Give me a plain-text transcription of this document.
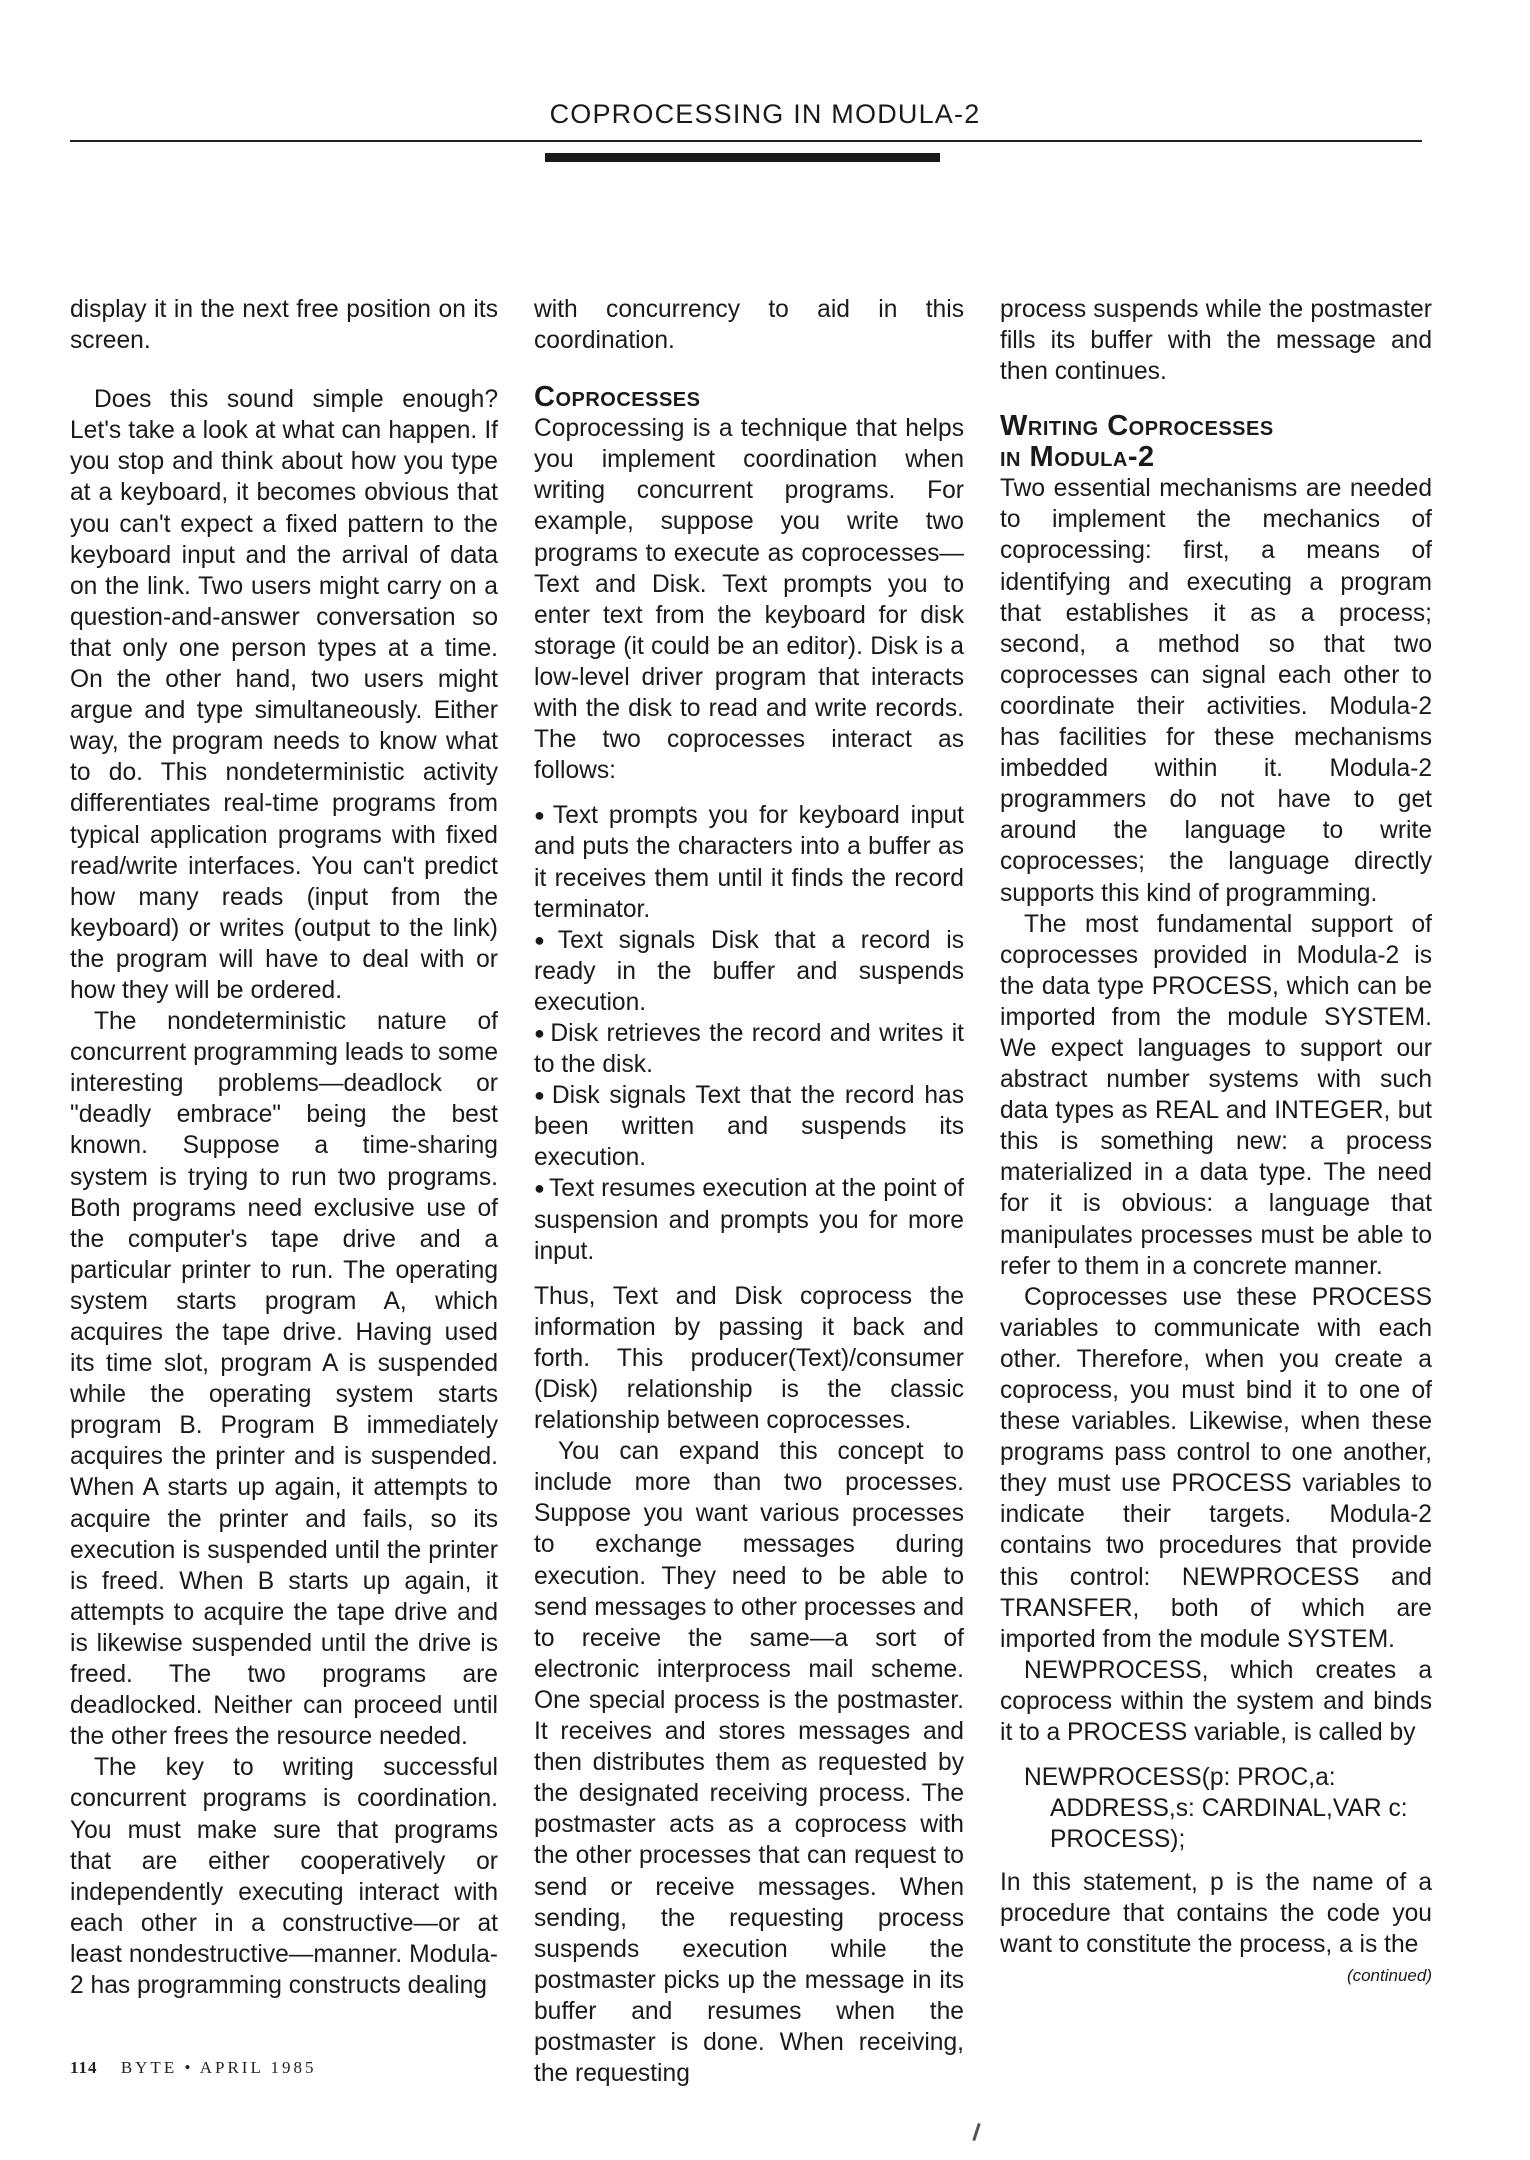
COPROCESSING IN MODULA-2

display it in the next free position on its screen.

Does this sound simple enough? Let's take a look at what can happen. If you stop and think about how you type at a keyboard, it becomes obvious that you can't expect a fixed pattern to the keyboard input and the arrival of data on the link. Two users might carry on a question-and-answer conversation so that only one person types at a time. On the other hand, two users might argue and type simultaneously. Either way, the program needs to know what to do. This nondeterministic activity differentiates real-time programs from typical application programs with fixed read/write interfaces. You can't predict how many reads (input from the keyboard) or writes (output to the link) the program will have to deal with or how they will be ordered.

The nondeterministic nature of concurrent programming leads to some interesting problems—deadlock or "deadly embrace" being the best known. Suppose a time-sharing system is trying to run two programs. Both programs need exclusive use of the computer's tape drive and a particular printer to run. The operating system starts program A, which acquires the tape drive. Having used its time slot, program A is suspended while the operating system starts program B. Program B immediately acquires the printer and is suspended. When A starts up again, it attempts to acquire the printer and fails, so its execution is suspended until the printer is freed. When B starts up again, it attempts to acquire the tape drive and is likewise suspended until the drive is freed. The two programs are deadlocked. Neither can proceed until the other frees the resource needed.

The key to writing successful concurrent programs is coordination. You must make sure that programs that are either cooperatively or independently executing interact with each other in a constructive—or at least nondestructive—manner. Modula-2 has programming constructs dealing

with concurrency to aid in this coordination.

Coprocesses

Coprocessing is a technique that helps you implement coordination when writing concurrent programs. For example, suppose you write two programs to execute as coprocesses—Text and Disk. Text prompts you to enter text from the keyboard for disk storage (it could be an editor). Disk is a low-level driver program that interacts with the disk to read and write records. The two coprocesses interact as follows:

● Text prompts you for keyboard input and puts the characters into a buffer as it receives them until it finds the record terminator.
● Text signals Disk that a record is ready in the buffer and suspends execution.
● Disk retrieves the record and writes it to the disk.
● Disk signals Text that the record has been written and suspends its execution.
● Text resumes execution at the point of suspension and prompts you for more input.

Thus, Text and Disk coprocess the information by passing it back and forth. This producer(Text)/consumer (Disk) relationship is the classic relationship between coprocesses.

You can expand this concept to include more than two processes. Suppose you want various processes to exchange messages during execution. They need to be able to send messages to other processes and to receive the same—a sort of electronic interprocess mail scheme. One special process is the postmaster. It receives and stores messages and then distributes them as requested by the designated receiving process. The postmaster acts as a coprocess with the other processes that can request to send or receive messages. When sending, the requesting process suspends execution while the postmaster picks up the message in its buffer and resumes when the postmaster is done. When receiving, the requesting

process suspends while the postmaster fills its buffer with the message and then continues.

Writing Coprocesses
in Modula-2

Two essential mechanisms are needed to implement the mechanics of coprocessing: first, a means of identifying and executing a program that establishes it as a process; second, a method so that two coprocesses can signal each other to coordinate their activities. Modula-2 has facilities for these mechanisms imbedded within it. Modula-2 programmers do not have to get around the language to write coprocesses; the language directly supports this kind of programming.

The most fundamental support of coprocesses provided in Modula-2 is the data type PROCESS, which can be imported from the module SYSTEM. We expect languages to support our abstract number systems with such data types as REAL and INTEGER, but this is something new: a process materialized in a data type. The need for it is obvious: a language that manipulates processes must be able to refer to them in a concrete manner.

Coprocesses use these PROCESS variables to communicate with each other. Therefore, when you create a coprocess, you must bind it to one of these variables. Likewise, when these programs pass control to one another, they must use PROCESS variables to indicate their targets. Modula-2 contains two procedures that provide this control: NEWPROCESS and TRANSFER, both of which are imported from the module SYSTEM.

NEWPROCESS, which creates a coprocess within the system and binds it to a PROCESS variable, is called by

NEWPROCESS(p: PROC,a:
ADDRESS,s: CARDINAL,VAR c:
PROCESS);

In this statement, p is the name of a procedure that contains the code you want to constitute the process, a is the

(continued)
114 BYTE • APRIL 1985
